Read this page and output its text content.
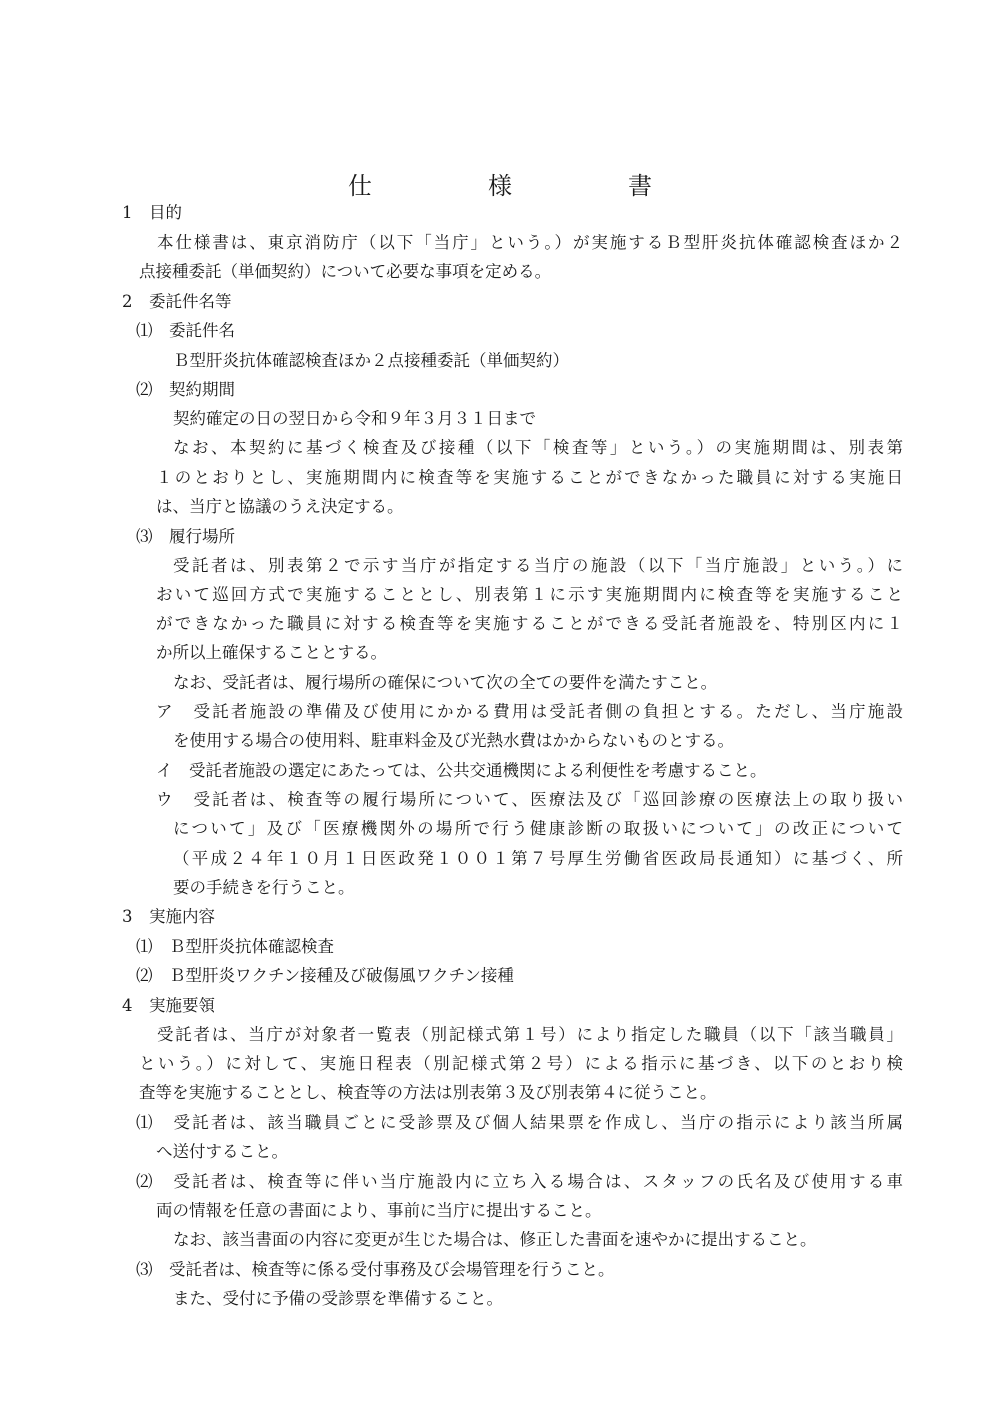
仕	様	書
1　目的
本仕様書は、東京消防庁（以下「当庁」という。）が実施するＢ型肝炎抗体確認検査ほか２
点接種委託（単価契約）について必要な事項を定める。
2　委託件名等
⑴　委託件名
Ｂ型肝炎抗体確認検査ほか２点接種委託（単価契約）
⑵　契約期間
契約確定の日の翌日から令和９年３月３１日まで
なお、本契約に基づく検査及び接種（以下「検査等」という。）の実施期間は、別表第
１のとおりとし、実施期間内に検査等を実施することができなかった職員に対する実施日
は、当庁と協議のうえ決定する。
⑶　履行場所
受託者は、別表第２で示す当庁が指定する当庁の施設（以下「当庁施設」という。）に
おいて巡回方式で実施することとし、別表第１に示す実施期間内に検査等を実施すること
ができなかった職員に対する検査等を実施することができる受託者施設を、特別区内に１
か所以上確保することとする。
なお、受託者は、履行場所の確保について次の全ての要件を満たすこと。
ア　受託者施設の準備及び使用にかかる費用は受託者側の負担とする。ただし、当庁施設
を使用する場合の使用料、駐車料金及び光熱水費はかからないものとする。
イ　受託者施設の選定にあたっては、公共交通機関による利便性を考慮すること。
ウ　受託者は、検査等の履行場所について、医療法及び「巡回診療の医療法上の取り扱い
について」及び「医療機関外の場所で行う健康診断の取扱いについて」の改正について
（平成２４年１０月１日医政発１００１第７号厚生労働省医政局長通知）に基づく、所
要の手続きを行うこと。
3　実施内容
⑴　Ｂ型肝炎抗体確認検査
⑵　Ｂ型肝炎ワクチン接種及び破傷風ワクチン接種
4　実施要領
受託者は、当庁が対象者一覧表（別記様式第１号）により指定した職員（以下「該当職員」
という。）に対して、実施日程表（別記様式第２号）による指示に基づき、以下のとおり検
査等を実施することとし、検査等の方法は別表第３及び別表第４に従うこと。
⑴　受託者は、該当職員ごとに受診票及び個人結果票を作成し、当庁の指示により該当所属
へ送付すること。
⑵　受託者は、検査等に伴い当庁施設内に立ち入る場合は、スタッフの氏名及び使用する車
両の情報を任意の書面により、事前に当庁に提出すること。
なお、該当書面の内容に変更が生じた場合は、修正した書面を速やかに提出すること。
⑶　受託者は、検査等に係る受付事務及び会場管理を行うこと。
また、受付に予備の受診票を準備すること。
